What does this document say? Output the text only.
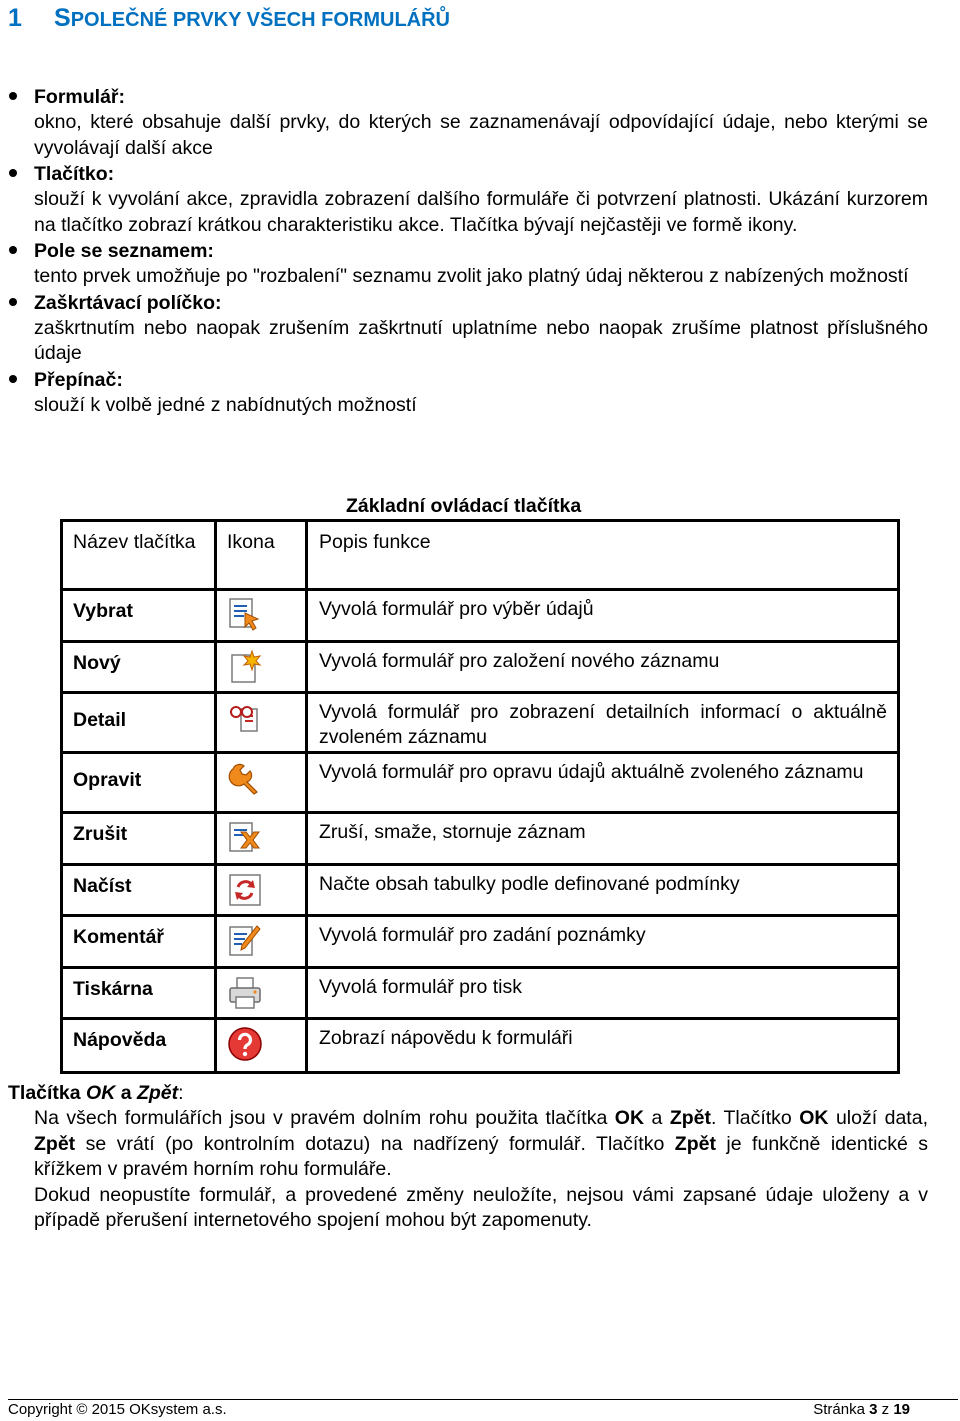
1 SPOLEČNÉ PRVKY VŠECH FORMULÁŘŮ
Formulář:
okno, které obsahuje další prvky, do kterých se zaznamenávají odpovídající údaje, nebo kterými se vyvolávají další akce
Tlačítko:
slouží k vyvolání akce, zpravidla zobrazení dalšího formuláře či potvrzení platnosti. Ukázání kurzorem na tlačítko zobrazí krátkou charakteristiku akce. Tlačítka bývají nejčastěji ve formě ikony.
Pole se seznamem:
tento prvek umožňuje po "rozbalení" seznamu zvolit jako platný údaj některou z nabízených možností
Zaškrtávací políčko:
zaškrtnutím nebo naopak zrušením zaškrtnutí uplatníme nebo naopak zrušíme platnost příslušného údaje
Přepínač:
slouží k volbě jedné z nabídnutých možností
Základní ovládací tlačítka
Název tlačítka	Ikona	Popis funkce
Vybrat		Vyvolá formulář pro výběr údajů
Nový		Vyvolá formulář pro založení nového záznamu
Detail		Vyvolá formulář pro zobrazení detailních informací o aktuálně zvoleném záznamu
Opravit		Vyvolá formulář pro opravu údajů aktuálně zvoleného záznamu
Zrušit		Zruší, smaže, stornuje záznam
Načíst		Načte obsah tabulky podle definované podmínky
Komentář		Vyvolá formulář pro zadání poznámky
Tiskárna		Vyvolá formulář pro tisk
Nápověda		Zobrazí nápovědu k formuláři
Tlačítka OK a Zpět:
Na všech formulářích jsou v pravém dolním rohu použita tlačítka OK a Zpět. Tlačítko OK uloží data, Zpět se vrátí (po kontrolním dotazu) na nadřízený formulář. Tlačítko Zpět je funkčně identické s křížkem v pravém horním rohu formuláře.
Dokud neopustíte formulář, a provedené změny neuložíte, nejsou vámi zapsané údaje uloženy a v případě přerušení internetového spojení mohou být zapomenuty.
Copyright © 2015 OKsystem a.s.	Stránka 3 z 19
